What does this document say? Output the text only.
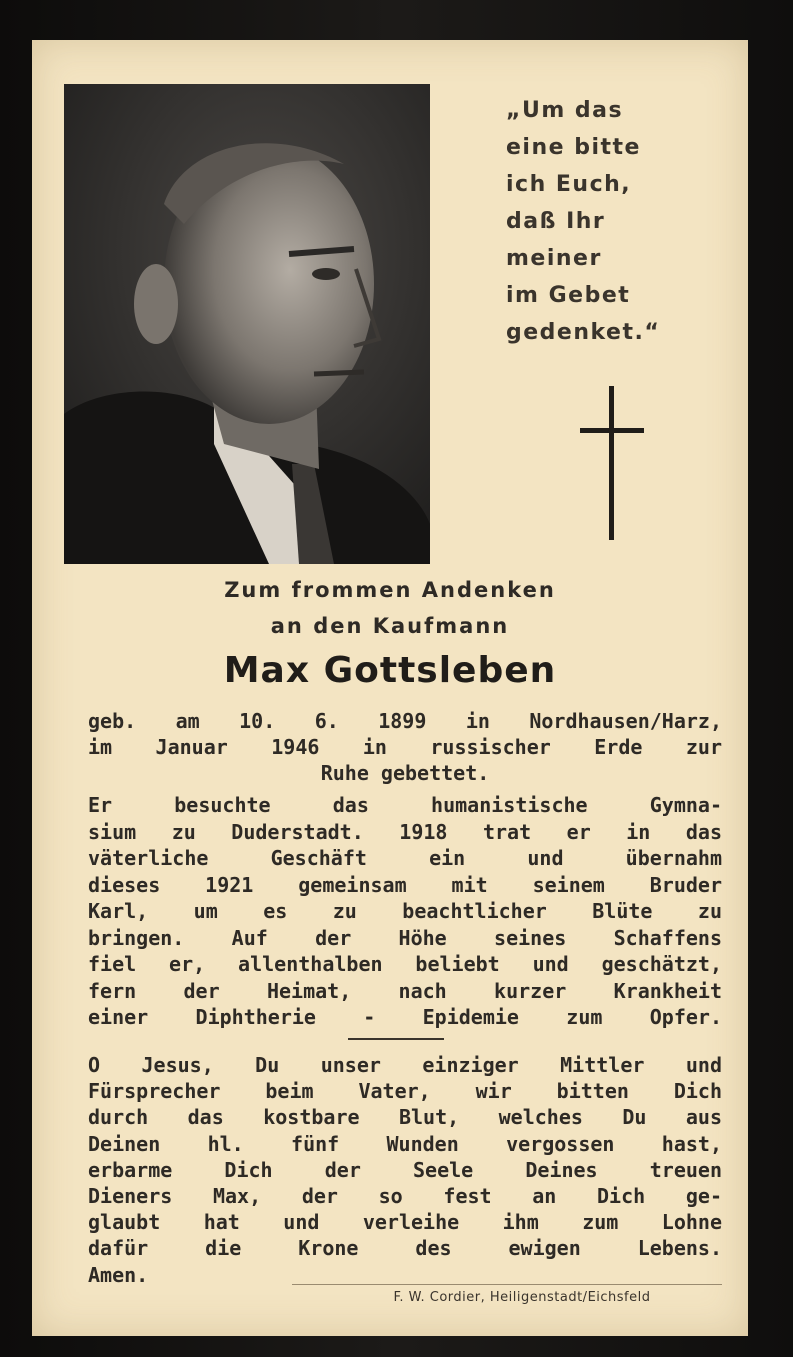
„Um das
eine bitte
ich Euch,
daß Ihr
meiner
im Gebet
gedenket.“
Zum frommen Andenken
an den Kaufmann
Max Gottsleben
geb. am 10. 6. 1899 in Nordhausen/Harz,
im Januar 1946 in russischer Erde zur
Ruhe gebettet.
Er besuchte das humanistische Gymna-
sium zu Duderstadt. 1918 trat er in das
väterliche Geschäft ein und übernahm
dieses 1921 gemeinsam mit seinem Bruder
Karl, um es zu beachtlicher Blüte zu
bringen. Auf der Höhe seines Schaffens
fiel er, allenthalben beliebt und geschätzt,
fern der Heimat, nach kurzer Krankheit
einer Diphtherie - Epidemie zum Opfer.
O Jesus, Du unser einziger Mittler und
Fürsprecher beim Vater, wir bitten Dich
durch das kostbare Blut, welches Du aus
Deinen hl. fünf Wunden vergossen hast,
erbarme Dich der Seele Deines treuen
Dieners Max, der so fest an Dich ge-
glaubt hat und verleihe ihm zum Lohne
dafür die Krone des ewigen Lebens.
Amen.
F. W. Cordier, Heiligenstadt/Eichsfeld
